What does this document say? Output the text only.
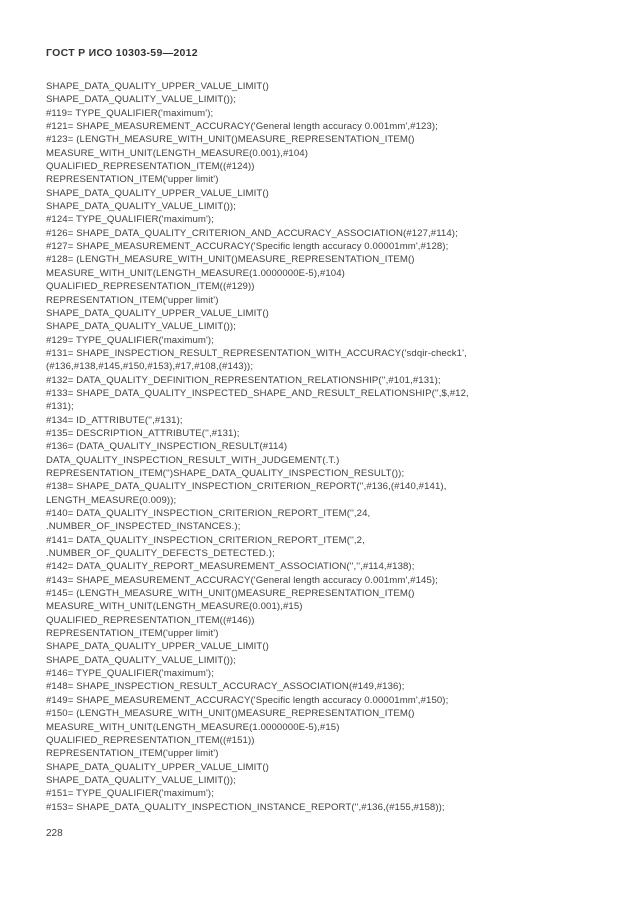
ГОСТ Р ИСО 10303-59—2012
SHAPE_DATA_QUALITY_UPPER_VALUE_LIMIT()
SHAPE_DATA_QUALITY_VALUE_LIMIT());
#119= TYPE_QUALIFIER('maximum');
#121= SHAPE_MEASUREMENT_ACCURACY('General length accuracy 0.001mm',#123);
#123= (LENGTH_MEASURE_WITH_UNIT()MEASURE_REPRESENTATION_ITEM()
MEASURE_WITH_UNIT(LENGTH_MEASURE(0.001),#104)
QUALIFIED_REPRESENTATION_ITEM((#124))
REPRESENTATION_ITEM('upper limit')
SHAPE_DATA_QUALITY_UPPER_VALUE_LIMIT()
SHAPE_DATA_QUALITY_VALUE_LIMIT());
#124= TYPE_QUALIFIER('maximum');
#126= SHAPE_DATA_QUALITY_CRITERION_AND_ACCURACY_ASSOCIATION(#127,#114);
#127= SHAPE_MEASUREMENT_ACCURACY('Specific length accuracy 0.00001mm',#128);
#128= (LENGTH_MEASURE_WITH_UNIT()MEASURE_REPRESENTATION_ITEM()
MEASURE_WITH_UNIT(LENGTH_MEASURE(1.0000000E-5),#104)
QUALIFIED_REPRESENTATION_ITEM((#129))
REPRESENTATION_ITEM('upper limit')
SHAPE_DATA_QUALITY_UPPER_VALUE_LIMIT()
SHAPE_DATA_QUALITY_VALUE_LIMIT());
#129= TYPE_QUALIFIER('maximum');
#131= SHAPE_INSPECTION_RESULT_REPRESENTATION_WITH_ACCURACY('sdqir-check1',
(#136,#138,#145,#150,#153),#17,#108,(#143));
#132= DATA_QUALITY_DEFINITION_REPRESENTATION_RELATIONSHIP('',#101,#131);
#133= SHAPE_DATA_QUALITY_INSPECTED_SHAPE_AND_RESULT_RELATIONSHIP('',$,#12,
#131);
#134= ID_ATTRIBUTE('',#131);
#135= DESCRIPTION_ATTRIBUTE('',#131);
#136= (DATA_QUALITY_INSPECTION_RESULT(#114)
DATA_QUALITY_INSPECTION_RESULT_WITH_JUDGEMENT(.T.)
REPRESENTATION_ITEM('')SHAPE_DATA_QUALITY_INSPECTION_RESULT());
#138= SHAPE_DATA_QUALITY_INSPECTION_CRITERION_REPORT('',#136,(#140,#141),
LENGTH_MEASURE(0.009));
#140= DATA_QUALITY_INSPECTION_CRITERION_REPORT_ITEM('',24,
.NUMBER_OF_INSPECTED_INSTANCES.);
#141= DATA_QUALITY_INSPECTION_CRITERION_REPORT_ITEM('',2,
.NUMBER_OF_QUALITY_DEFECTS_DETECTED.);
#142= DATA_QUALITY_REPORT_MEASUREMENT_ASSOCIATION('','',#114,#138);
#143= SHAPE_MEASUREMENT_ACCURACY('General length accuracy 0.001mm',#145);
#145= (LENGTH_MEASURE_WITH_UNIT()MEASURE_REPRESENTATION_ITEM()
MEASURE_WITH_UNIT(LENGTH_MEASURE(0.001),#15)
QUALIFIED_REPRESENTATION_ITEM((#146))
REPRESENTATION_ITEM('upper limit')
SHAPE_DATA_QUALITY_UPPER_VALUE_LIMIT()
SHAPE_DATA_QUALITY_VALUE_LIMIT());
#146= TYPE_QUALIFIER('maximum');
#148= SHAPE_INSPECTION_RESULT_ACCURACY_ASSOCIATION(#149,#136);
#149= SHAPE_MEASUREMENT_ACCURACY('Specific length accuracy 0.00001mm',#150);
#150= (LENGTH_MEASURE_WITH_UNIT()MEASURE_REPRESENTATION_ITEM()
MEASURE_WITH_UNIT(LENGTH_MEASURE(1.0000000E-5),#15)
QUALIFIED_REPRESENTATION_ITEM((#151))
REPRESENTATION_ITEM('upper limit')
SHAPE_DATA_QUALITY_UPPER_VALUE_LIMIT()
SHAPE_DATA_QUALITY_VALUE_LIMIT());
#151= TYPE_QUALIFIER('maximum');
#153= SHAPE_DATA_QUALITY_INSPECTION_INSTANCE_REPORT('',#136,(#155,#158));
228
